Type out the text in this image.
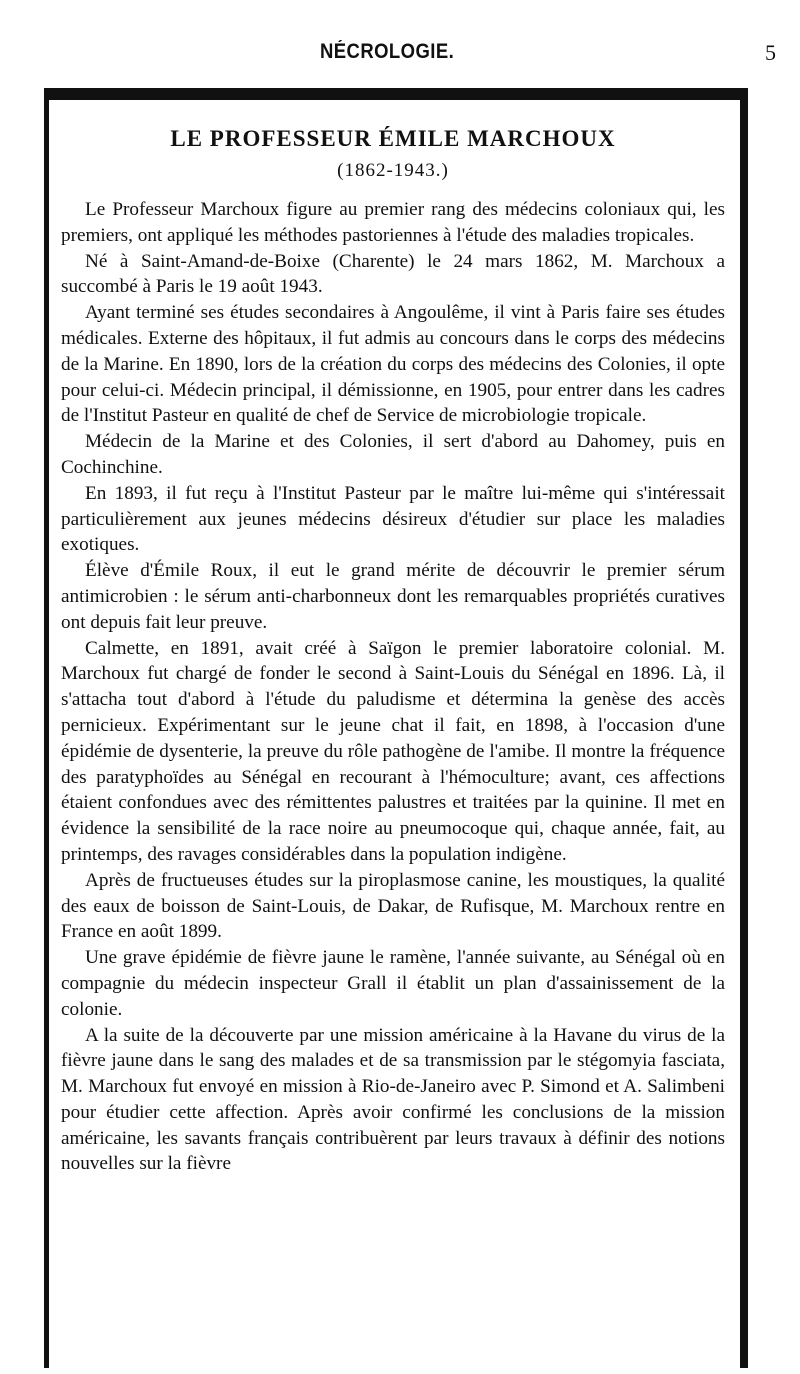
NÉCROLOGIE.	5
LE PROFESSEUR ÉMILE MARCHOUX
(1862-1943.)

Le Professeur Marchoux figure au premier rang des médecins coloniaux qui, les premiers, ont appliqué les méthodes pastoriennes à l'étude des maladies tropicales.

Né à Saint-Amand-de-Boixe (Charente) le 24 mars 1862, M. Marchoux a succombé à Paris le 19 août 1943.

Ayant terminé ses études secondaires à Angoulême, il vint à Paris faire ses études médicales. Externe des hôpitaux, il fut admis au concours dans le corps des médecins de la Marine. En 1890, lors de la création du corps des médecins des Colonies, il opte pour celui-ci. Médecin principal, il démissionne, en 1905, pour entrer dans les cadres de l'Institut Pasteur en qualité de chef de Service de microbiologie tropicale.

Médecin de la Marine et des Colonies, il sert d'abord au Dahomey, puis en Cochinchine.

En 1893, il fut reçu à l'Institut Pasteur par le maître lui-même qui s'intéressait particulièrement aux jeunes médecins désireux d'étudier sur place les maladies exotiques.

Élève d'Émile Roux, il eut le grand mérite de découvrir le premier sérum antimicrobien : le sérum anti-charbonneux dont les remarquables propriétés curatives ont depuis fait leur preuve.

Calmette, en 1891, avait créé à Saïgon le premier laboratoire colonial. M. Marchoux fut chargé de fonder le second à Saint-Louis du Sénégal en 1896. Là, il s'attacha tout d'abord à l'étude du paludisme et détermina la genèse des accès pernicieux. Expérimentant sur le jeune chat il fait, en 1898, à l'occasion d'une épidémie de dysenterie, la preuve du rôle pathogène de l'amibe. Il montre la fréquence des paratyphoïdes au Sénégal en recourant à l'hémoculture; avant, ces affections étaient confondues avec des rémittentes palustres et traitées par la quinine. Il met en évidence la sensibilité de la race noire au pneumocoque qui, chaque année, fait, au printemps, des ravages considérables dans la population indigène.

Après de fructueuses études sur la piroplasmose canine, les moustiques, la qualité des eaux de boisson de Saint-Louis, de Dakar, de Rufisque, M. Marchoux rentre en France en août 1899.

Une grave épidémie de fièvre jaune le ramène, l'année suivante, au Sénégal où en compagnie du médecin inspecteur Grall il établit un plan d'assainissement de la colonie.

A la suite de la découverte par une mission américaine à la Havane du virus de la fièvre jaune dans le sang des malades et de sa transmission par le stégomyia fasciata, M. Marchoux fut envoyé en mission à Rio-de-Janeiro avec P. Simond et A. Salimbeni pour étudier cette affection. Après avoir confirmé les conclusions de la mission américaine, les savants français contribuèrent par leurs travaux à définir des notions nouvelles sur la fièvre
